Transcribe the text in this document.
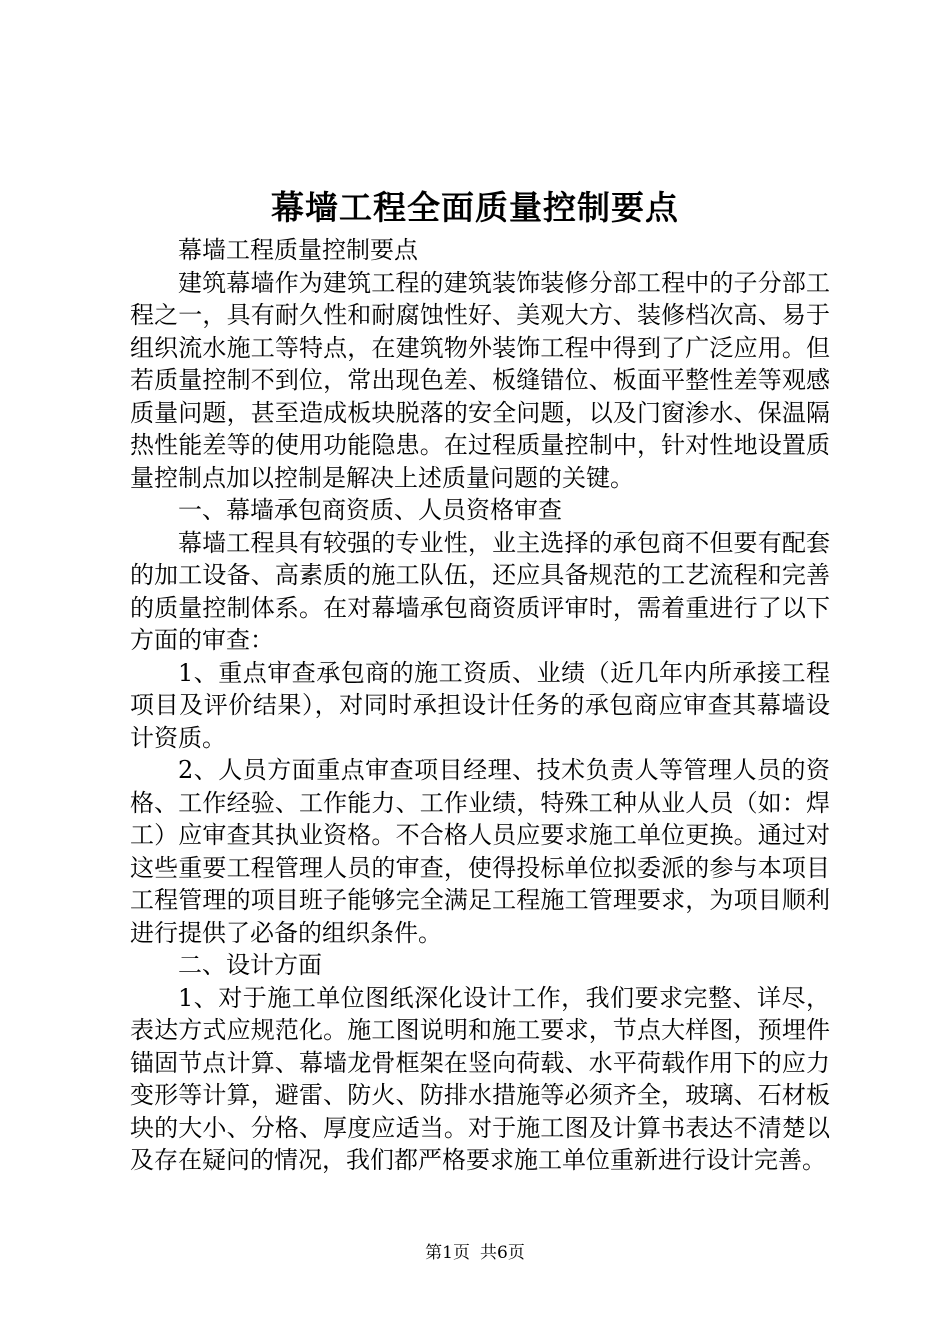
幕墙工程全面质量控制要点

幕墙工程质量控制要点

建筑幕墙作为建筑工程的建筑装饰装修分部工程中的子分部工程之一，具有耐久性和耐腐蚀性好、美观大方、装修档次高、易于组织流水施工等特点，在建筑物外装饰工程中得到了广泛应用。但若质量控制不到位，常出现色差、板缝错位、板面平整性差等观感质量问题，甚至造成板块脱落的安全问题，以及门窗渗水、保温隔热性能差等的使用功能隐患。在过程质量控制中，针对性地设置质量控制点加以控制是解决上述质量问题的关键。

一、幕墙承包商资质、人员资格审查

幕墙工程具有较强的专业性，业主选择的承包商不但要有配套的加工设备、高素质的施工队伍，还应具备规范的工艺流程和完善的质量控制体系。在对幕墙承包商资质评审时，需着重进行了以下方面的审查：

1、重点审查承包商的施工资质、业绩（近几年内所承接工程项目及评价结果），对同时承担设计任务的承包商应审查其幕墙设计资质。

2、人员方面重点审查项目经理、技术负责人等管理人员的资格、工作经验、工作能力、工作业绩，特殊工种从业人员（如：焊工）应审查其执业资格。不合格人员应要求施工单位更换。通过对这些重要工程管理人员的审查，使得投标单位拟委派的参与本项目工程管理的项目班子能够完全满足工程施工管理要求，为项目顺利进行提供了必备的组织条件。

二、设计方面

1、对于施工单位图纸深化设计工作，我们要求完整、详尽，表达方式应规范化。施工图说明和施工要求，节点大样图，预埋件锚固节点计算、幕墙龙骨框架在竖向荷载、水平荷载作用下的应力变形等计算，避雷、防火、防排水措施等必须齐全，玻璃、石材板块的大小、分格、厚度应适当。对于施工图及计算书表达不清楚以及存在疑问的情况，我们都严格要求施工单位重新进行设计完善。

第1页 共6页
